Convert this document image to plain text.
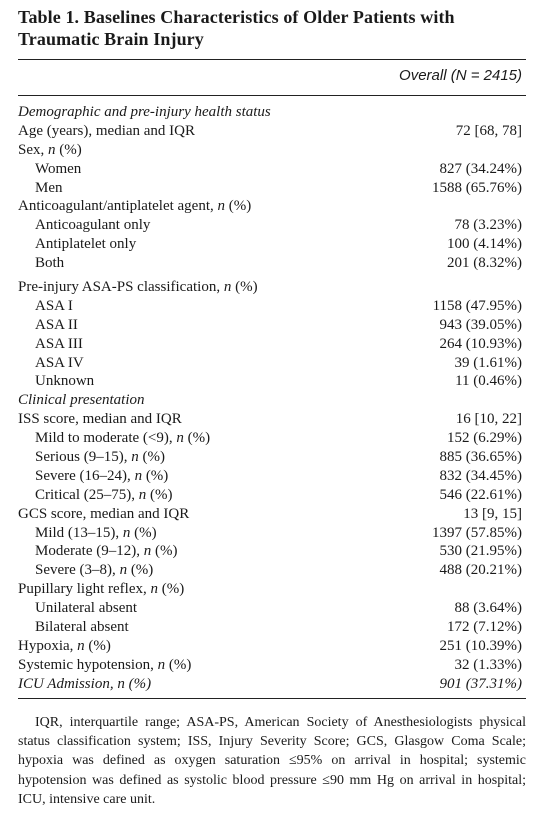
Table 1. Baselines Characteristics of Older Patients with Traumatic Brain Injury
Overall (N = 2415)
Demographic and pre-injury health status
Age (years), median and IQR	72 [68, 78]
Sex, n (%)
Women	827 (34.24%)
Men	1588 (65.76%)
Anticoagulant/antiplatelet agent, n (%)
Anticoagulant only	78 (3.23%)
Antiplatelet only	100 (4.14%)
Both	201 (8.32%)
Pre-injury ASA-PS classification, n (%)
ASA I	1158 (47.95%)
ASA II	943 (39.05%)
ASA III	264 (10.93%)
ASA IV	39 (1.61%)
Unknown	11 (0.46%)
Clinical presentation
ISS score, median and IQR	16 [10, 22]
Mild to moderate (<9), n (%)	152 (6.29%)
Serious (9–15), n (%)	885 (36.65%)
Severe (16–24), n (%)	832 (34.45%)
Critical (25–75), n (%)	546 (22.61%)
GCS score, median and IQR	13 [9, 15]
Mild (13–15), n (%)	1397 (57.85%)
Moderate (9–12), n (%)	530 (21.95%)
Severe (3–8), n (%)	488 (20.21%)
Pupillary light reflex, n (%)
Unilateral absent	88 (3.64%)
Bilateral absent	172 (7.12%)
Hypoxia, n (%)	251 (10.39%)
Systemic hypotension, n (%)	32 (1.33%)
ICU Admission, n (%)	901 (37.31%)
IQR, interquartile range; ASA-PS, American Society of Anesthesiologists physical status classification system; ISS, Injury Severity Score; GCS, Glasgow Coma Scale; hypoxia was defined as oxygen saturation ≤95% on arrival in hospital; systemic hypotension was defined as systolic blood pressure ≤90 mm Hg on arrival in hospital; ICU, intensive care unit.
